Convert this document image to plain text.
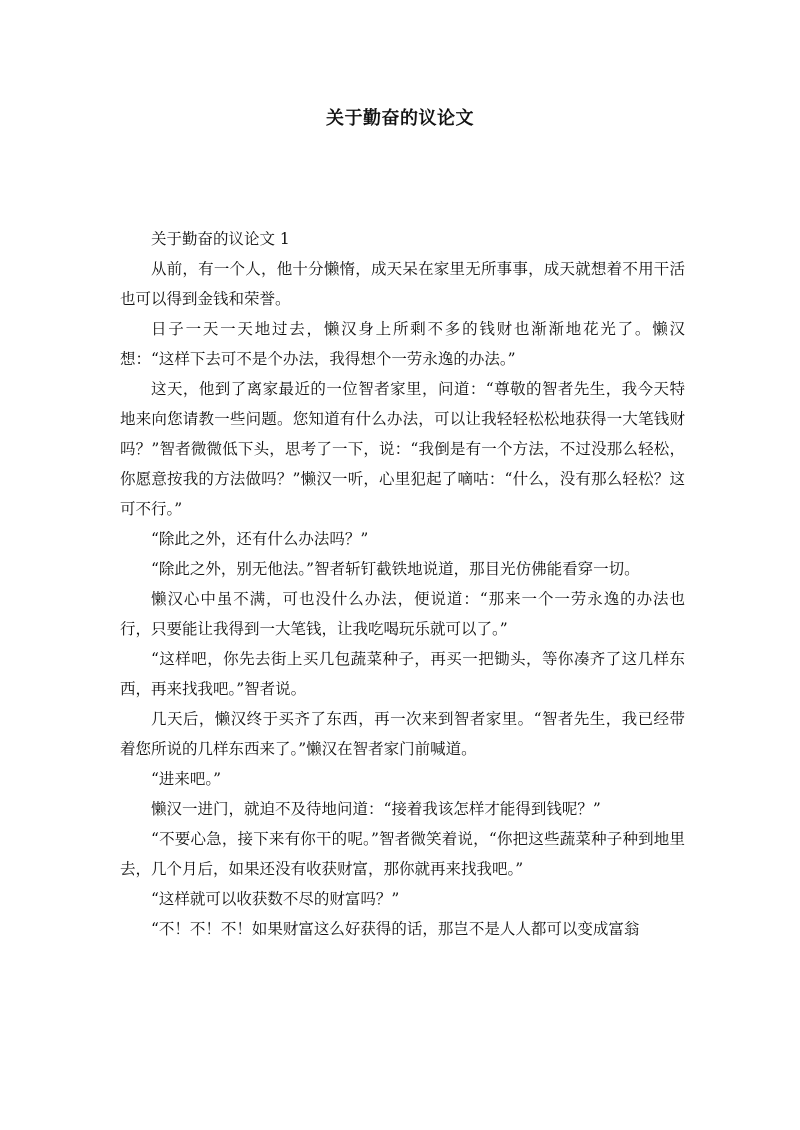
关于勤奋的议论文

关于勤奋的议论文 1

从前，有一个人，他十分懒惰，成天呆在家里无所事事，成天就想着不用干活也可以得到金钱和荣誉。

日子一天一天地过去，懒汉身上所剩不多的钱财也渐渐地花光了。懒汉想：“这样下去可不是个办法，我得想个一劳永逸的办法。”

这天，他到了离家最近的一位智者家里，问道：“尊敬的智者先生，我今天特地来向您请教一些问题。您知道有什么办法，可以让我轻轻松松地获得一大笔钱财吗？”智者微微低下头，思考了一下，说：“我倒是有一个方法，不过没那么轻松，你愿意按我的方法做吗？”懒汉一听，心里犯起了嘀咕：“什么，没有那么轻松？这可不行。”

“除此之外，还有什么办法吗？”

“除此之外，别无他法。”智者斩钉截铁地说道，那目光仿佛能看穿一切。

懒汉心中虽不满，可也没什么办法，便说道：“那来一个一劳永逸的办法也行，只要能让我得到一大笔钱，让我吃喝玩乐就可以了。”

“这样吧，你先去街上买几包蔬菜种子，再买一把锄头，等你凑齐了这几样东西，再来找我吧。”智者说。

几天后，懒汉终于买齐了东西，再一次来到智者家里。“智者先生，我已经带着您所说的几样东西来了。”懒汉在智者家门前喊道。

“进来吧。”

懒汉一进门，就迫不及待地问道：“接着我该怎样才能得到钱呢？”

“不要心急，接下来有你干的呢。”智者微笑着说，“你把这些蔬菜种子种到地里去，几个月后，如果还没有收获财富，那你就再来找我吧。”

“这样就可以收获数不尽的财富吗？”

“不！不！不！如果财富这么好获得的话，那岂不是人人都可以变成富翁
